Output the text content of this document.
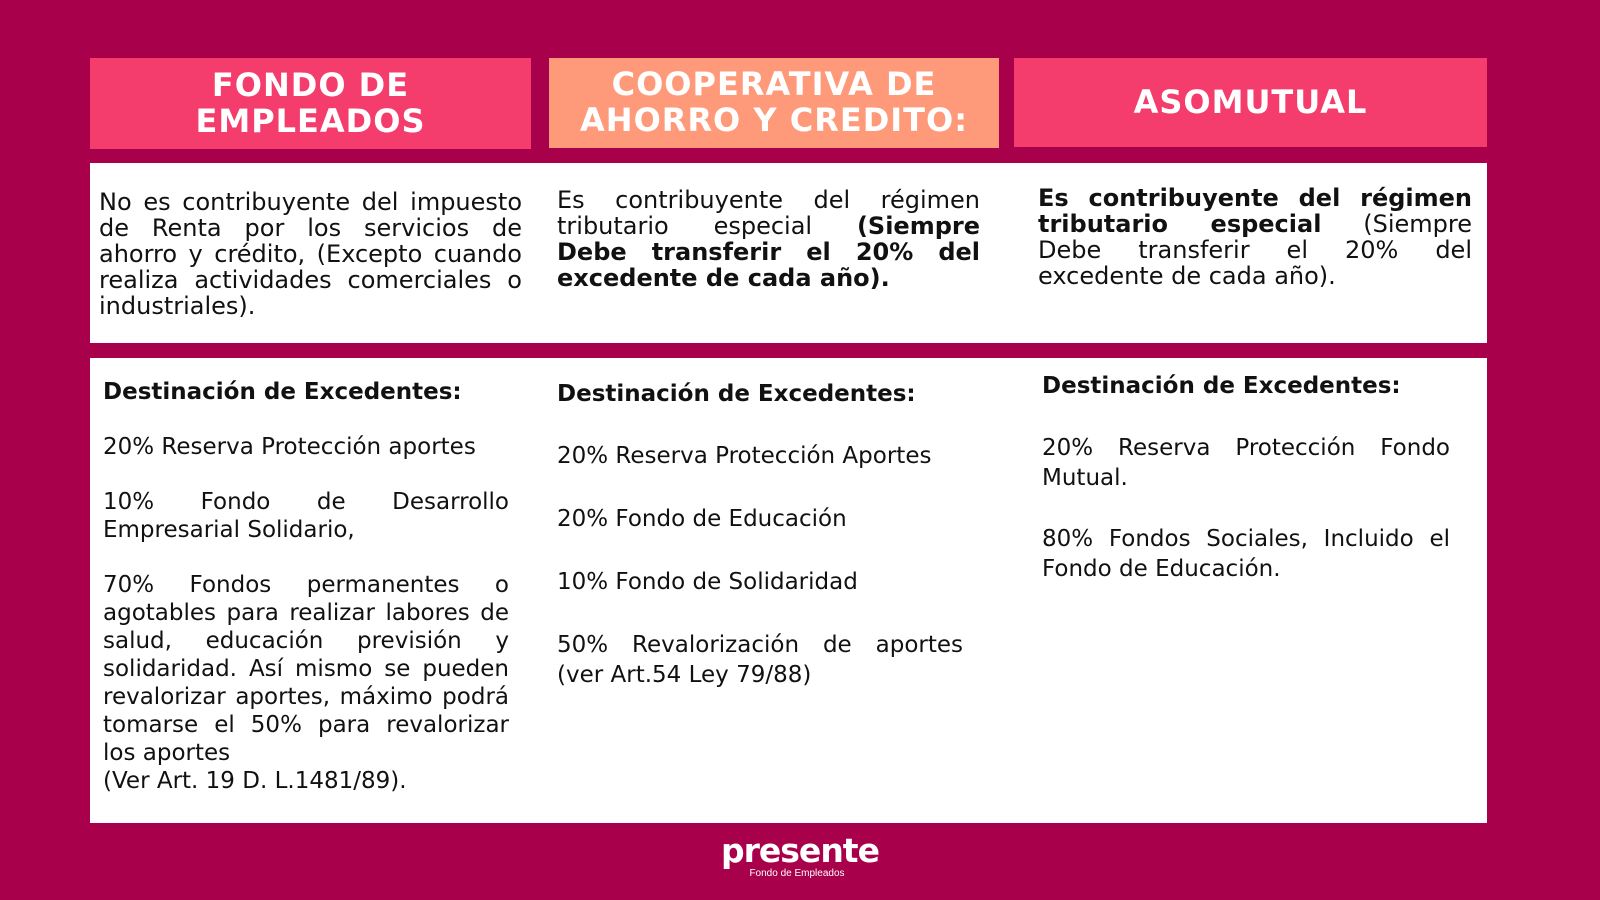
FONDO DE
EMPLEADOS
COOPERATIVA DE
AHORRO Y CREDITO:	ASOMUTUAL
No es contribuyente del impuesto de Renta por los servicios de ahorro y crédito, (Excepto cuando realiza actividades comerciales o industriales).
Es contribuyente del régimen tributario especial (Siempre Debe transferir el 20% del excedente de cada año).
Es contribuyente del régimen tributario especial (Siempre Debe transferir el 20% del excedente de cada año).
Destinación de Excedentes:

20% Reserva Protección aportes

10% Fondo de Desarrollo Empresarial Solidario,

70% Fondos permanentes o agotables para realizar labores de salud, educación previsión y solidaridad. Así mismo se pueden revalorizar aportes, máximo podrá tomarse el 50% para revalorizar los aportes

(Ver Art. 19 D. L.1481/89).

Destinación de Excedentes:

20% Reserva Protección Aportes

20% Fondo de Educación

10% Fondo de Solidaridad

50% Revalorización de aportes (ver Art.54 Ley 79/88)

Destinación de Excedentes:

20% Reserva Protección Fondo Mutual.

80% Fondos Sociales, Incluido el Fondo de Educación.

presente
Fondo de Empleados
